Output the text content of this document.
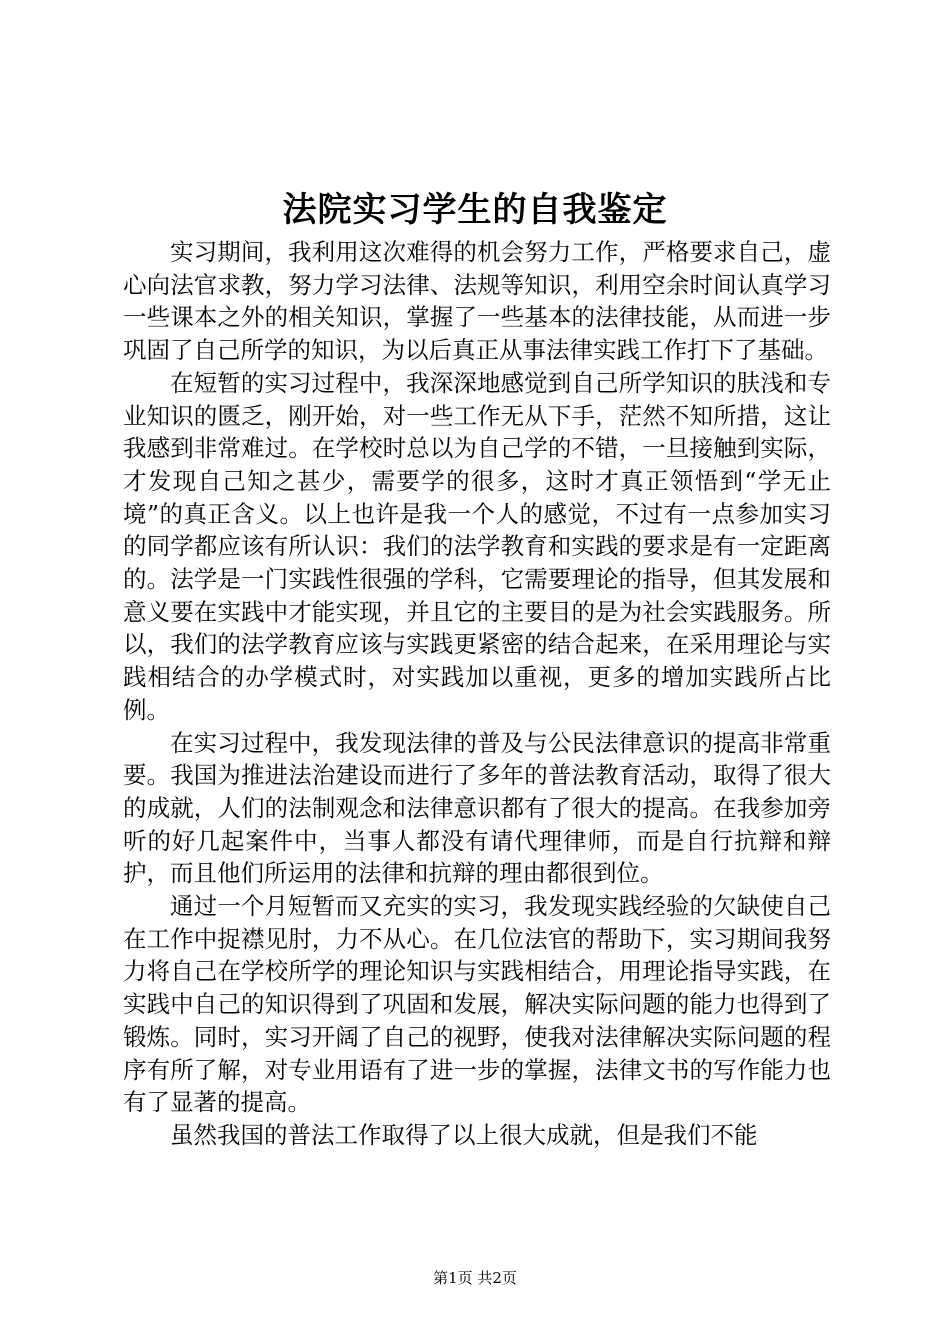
法院实习学生的自我鉴定

实习期间，我利用这次难得的机会努力工作，严格要求自己，虚心向法官求教，努力学习法律、法规等知识，利用空余时间认真学习一些课本之外的相关知识，掌握了一些基本的法律技能，从而进一步巩固了自己所学的知识，为以后真正从事法律实践工作打下了基础。

在短暂的实习过程中，我深深地感觉到自己所学知识的肤浅和专业知识的匮乏，刚开始，对一些工作无从下手，茫然不知所措，这让我感到非常难过。在学校时总以为自己学的不错，一旦接触到实际，才发现自己知之甚少，需要学的很多，这时才真正领悟到“学无止境”的真正含义。以上也许是我一个人的感觉，不过有一点参加实习的同学都应该有所认识：我们的法学教育和实践的要求是有一定距离的。法学是一门实践性很强的学科，它需要理论的指导，但其发展和意义要在实践中才能实现，并且它的主要目的是为社会实践服务。所以，我们的法学教育应该与实践更紧密的结合起来，在采用理论与实践相结合的办学模式时，对实践加以重视，更多的增加实践所占比例。

在实习过程中，我发现法律的普及与公民法律意识的提高非常重要。我国为推进法治建设而进行了多年的普法教育活动，取得了很大的成就，人们的法制观念和法律意识都有了很大的提高。在我参加旁听的好几起案件中，当事人都没有请代理律师，而是自行抗辩和辩护，而且他们所运用的法律和抗辩的理由都很到位。

通过一个月短暂而又充实的实习，我发现实践经验的欠缺使自己在工作中捉襟见肘，力不从心。在几位法官的帮助下，实习期间我努力将自己在学校所学的理论知识与实践相结合，用理论指导实践，在实践中自己的知识得到了巩固和发展，解决实际问题的能力也得到了锻炼。同时，实习开阔了自己的视野，使我对法律解决实际问题的程序有所了解，对专业用语有了进一步的掌握，法律文书的写作能力也有了显著的提高。

虽然我国的普法工作取得了以上很大成就，但是我们不能

第1页 共2页
